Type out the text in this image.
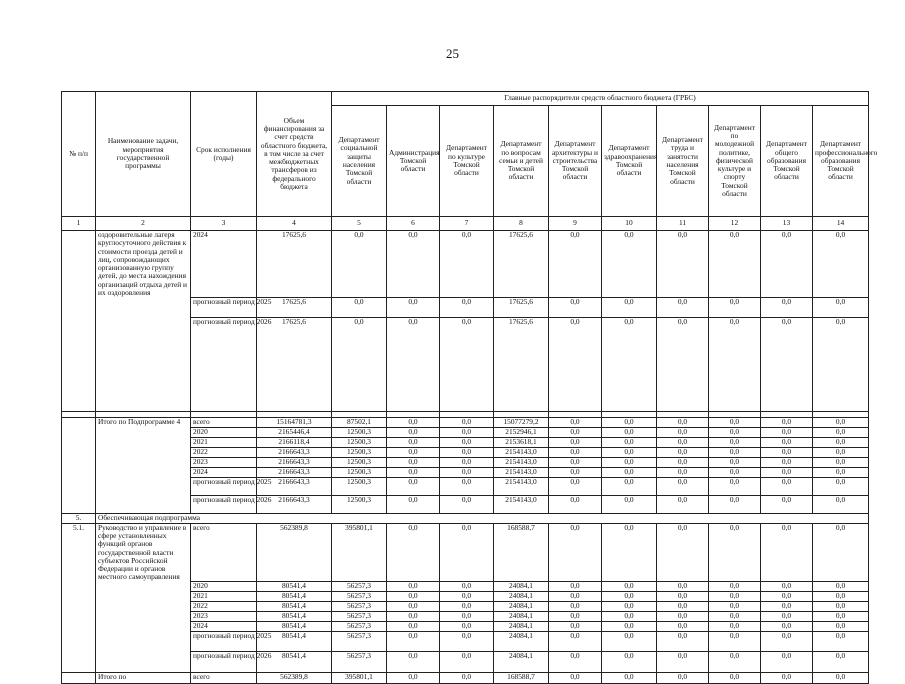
25
№ п/п	Наименование задачи, мероприятия государственной программы	Срок исполнения (годы)	Объем финансирования за счет средств областного бюджета, в том числе за счет межбюджетных трансферов из федерального бюджета	Главные распорядители средств областного бюджета (ГРБС)									
				Департамент социальной защиты населения Томской области	Администрация Томской области	Департамент по культуре Томской области	Департамент по вопросам семьи и детей Томской области	Департамент архитектуры и строительства Томской области	Департамент здравоохранения Томской области	Департамент труда и занятости населения Томской области	Департамент по молодежной политике, физической культуре и спорту Томской области	Департамент общего образования Томской области	Департамент профессионального образования Томской области
1	2	3	4	5	6	7	8	9	10	11	12	13	14
	оздоровительные лагеря круглосуточного действия к стоимости проезда детей и лиц, сопровождающих организованную группу детей, до места нахождения организаций отдыха детей и их оздоровления	2024	17625,6	0,0	0,0	0,0	17625,6	0,0	0,0	0,0	0,0	0,0	0,0
		прогнозный период 2025	17625,6	0,0	0,0	0,0	17625,6	0,0	0,0	0,0	0,0	0,0	0,0
		прогнозный период 2026	17625,6	0,0	0,0	0,0	17625,6	0,0	0,0	0,0	0,0	0,0	0,0

	Итого по Подпрограмме 4	всего	15164781,3	87502,1	0,0	0,0	15077279,2	0,0	0,0	0,0	0,0	0,0	0,0
		2020	2165446,4	12500,3	0,0	0,0	2152946,1	0,0	0,0	0,0	0,0	0,0	0,0
		2021	2166118,4	12500,3	0,0	0,0	2153618,1	0,0	0,0	0,0	0,0	0,0	0,0
		2022	2166643,3	12500,3	0,0	0,0	2154143,0	0,0	0,0	0,0	0,0	0,0	0,0
		2023	2166643,3	12500,3	0,0	0,0	2154143,0	0,0	0,0	0,0	0,0	0,0	0,0
		2024	2166643,3	12500,3	0,0	0,0	2154143,0	0,0	0,0	0,0	0,0	0,0	0,0
		прогнозный период 2025	2166643,3	12500,3	0,0	0,0	2154143,0	0,0	0,0	0,0	0,0	0,0	0,0
		прогнозный период 2026	2166643,3	12500,3	0,0	0,0	2154143,0	0,0	0,0	0,0	0,0	0,0	0,0
5.	Обеспечивающая подпрограмма												
5.1.	Руководство и управление в сфере установленных функций органов государственной власти субъектов Российской Федерации и органов местного самоуправления	всего	562389,8	395801,1	0,0	0,0	168588,7	0,0	0,0	0,0	0,0	0,0	0,0
		2020	80541,4	56257,3	0,0	0,0	24084,1	0,0	0,0	0,0	0,0	0,0	0,0
		2021	80541,4	56257,3	0,0	0,0	24084,1	0,0	0,0	0,0	0,0	0,0	0,0
		2022	80541,4	56257,3	0,0	0,0	24084,1	0,0	0,0	0,0	0,0	0,0	0,0
		2023	80541,4	56257,3	0,0	0,0	24084,1	0,0	0,0	0,0	0,0	0,0	0,0
		2024	80541,4	56257,3	0,0	0,0	24084,1	0,0	0,0	0,0	0,0	0,0	0,0
		прогнозный период 2025	80541,4	56257,3	0,0	0,0	24084,1	0,0	0,0	0,0	0,0	0,0	0,0
		прогнозный период 2026	80541,4	56257,3	0,0	0,0	24084,1	0,0	0,0	0,0	0,0	0,0	0,0
	Итого по	всего	562389,8	395801,1	0,0	0,0	168588,7	0,0	0,0	0,0	0,0	0,0	0,0
